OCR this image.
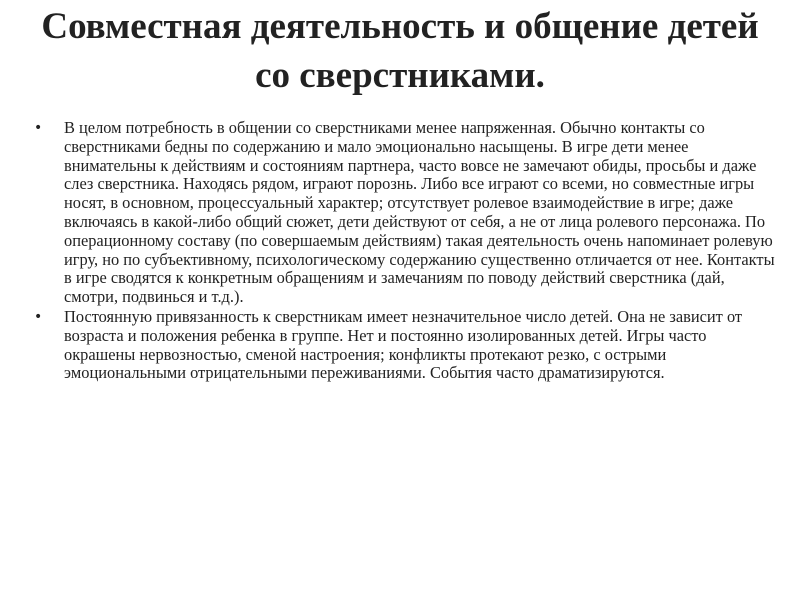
Совместная деятельность и общение детей со сверстниками.
•	В целом потребность в общении со сверстниками менее напряженная. Обычно контакты со сверстниками бедны по содержанию и мало эмоционально насыщены. В игре дети менее внимательны к действиям и состояниям партнера, часто вовсе не замечают обиды, просьбы и даже слез сверстника. Находясь рядом, играют порознь. Либо все играют со всеми, но совместные игры носят, в основном, процессуальный характер; отсутствует ролевое взаимодействие в игре; даже включаясь в какой-либо общий сюжет, дети действуют от себя, а не от лица ролевого персонажа. По операционному составу (по совершаемым действиям) такая деятельность очень напоминает ролевую игру, но по субъективному, психологическому содержанию существенно отличается от нее. Контакты в игре сводятся к конкретным обращениям и замечаниям по поводу действий сверстника (дай, смотри, подвинься и т.д.).
•	Постоянную привязанность к сверстникам имеет незначительное число детей. Она не зависит от возраста и положения ребенка в группе. Нет и постоянно изолированных детей. Игры часто окрашены нервозностью, сменой настроения; конфликты протекают резко, с острыми эмоциональными отрицательными переживаниями. События часто драматизируются.
